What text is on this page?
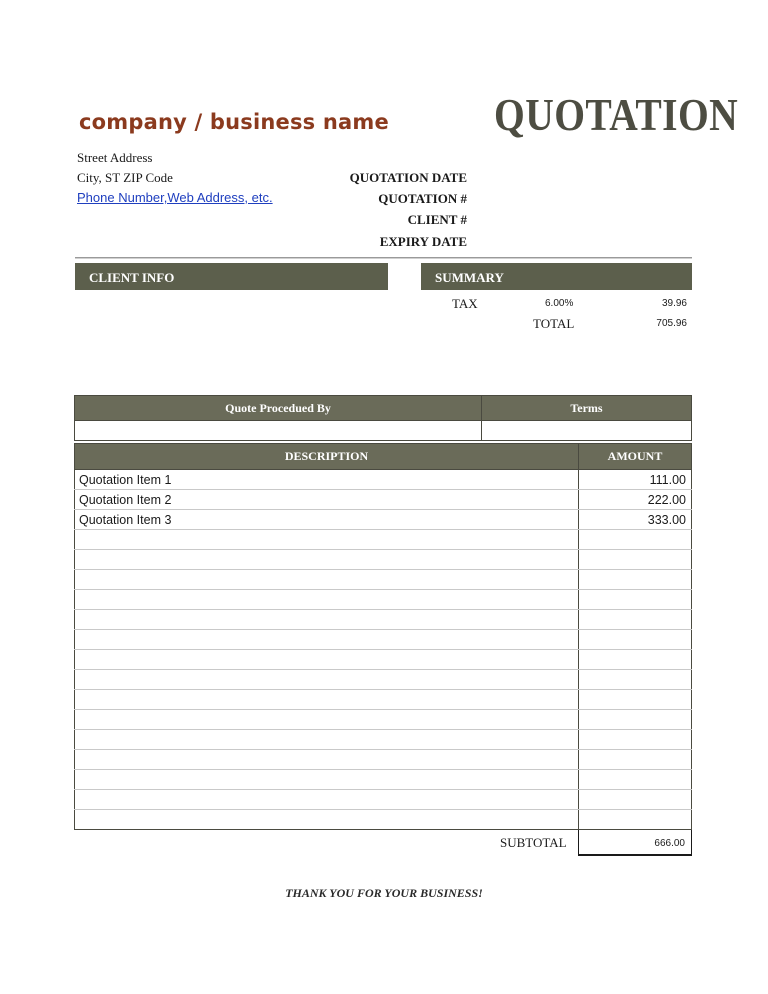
company / business name QUOTATION
Street Address
City, ST ZIP Code
Phone Number,Web Address, etc.
QUOTATION DATE
QUOTATION #
CLIENT #
EXPIRY DATE
CLIENT INFO	SUMMARY
TAX	6.00%	39.96
TOTAL	705.96
Quote Procedued By	Terms

DESCRIPTION	AMOUNT
Quotation Item 1	111.00
Quotation Item 2	222.00
Quotation Item 3	333.00

SUBTOTAL	666.00
THANK YOU FOR YOUR BUSINESS!
